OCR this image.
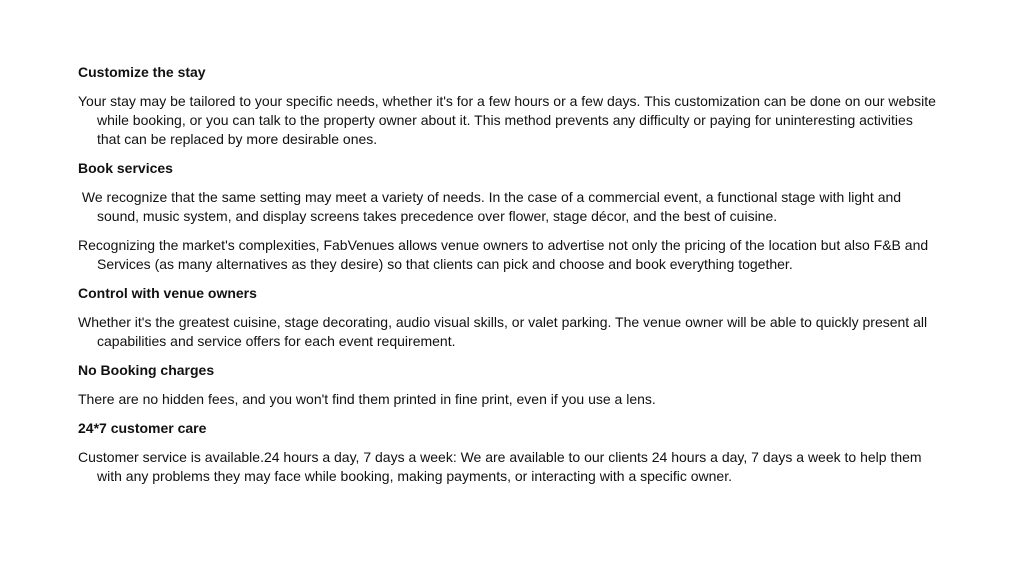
Customize the stay

Your stay may be tailored to your specific needs, whether it's for a few hours or a few days. This customization can be done on our website while booking, or you can talk to the property owner about it. This method prevents any difficulty or paying for uninteresting activities that can be replaced by more desirable ones.

Book services

We recognize that the same setting may meet a variety of needs. In the case of a commercial event, a functional stage with light and sound, music system, and display screens takes precedence over flower, stage décor, and the best of cuisine.

Recognizing the market's complexities, FabVenues allows venue owners to advertise not only the pricing of the location but also F&B and Services (as many alternatives as they desire) so that clients can pick and choose and book everything together.

Control with venue owners

Whether it's the greatest cuisine, stage decorating, audio visual skills, or valet parking. The venue owner will be able to quickly present all capabilities and service offers for each event requirement.

No Booking charges

There are no hidden fees, and you won't find them printed in fine print, even if you use a lens.

24*7 customer care

Customer service is available.24 hours a day, 7 days a week: We are available to our clients 24 hours a day, 7 days a week to help them with any problems they may face while booking, making payments, or interacting with a specific owner.
